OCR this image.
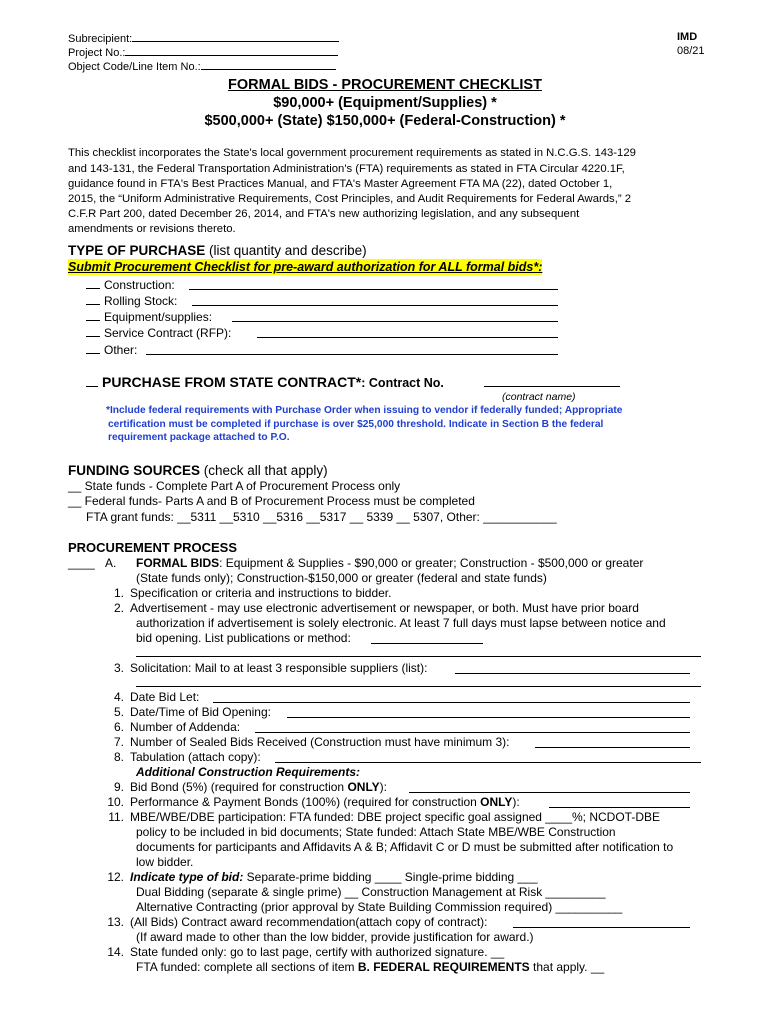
Subrecipient:
Project No.:
Object Code/Line Item No.:
IMD
08/21
FORMAL BIDS - PROCUREMENT CHECKLIST
$90,000+ (Equipment/Supplies) *
$500,000+ (State) $150,000+ (Federal-Construction) *
This checklist incorporates the State's local government procurement requirements as stated in N.C.G.S. 143-129
and 143-131, the Federal Transportation Administration's (FTA) requirements as stated in FTA Circular 4220.1F,
guidance found in FTA's Best Practices Manual, and FTA's Master Agreement FTA MA (22), dated October 1,
2015, the “Uniform Administrative Requirements, Cost Principles, and Audit Requirements for Federal Awards,” 2
C.F.R Part 200, dated December 26, 2014, and FTA's new authorizing legislation, and any subsequent
amendments or revisions thereto.
TYPE OF PURCHASE (list quantity and describe)
Submit Procurement Checklist for pre-award authorization for ALL formal bids*:
Construction:
Rolling Stock:
Equipment/supplies:
Service Contract (RFP):
Other:
PURCHASE FROM STATE CONTRACT*: Contract No.
(contract name)
*Include federal requirements with Purchase Order when issuing to vendor if federally funded; Appropriate
certification must be completed if purchase is over $25,000 threshold. Indicate in Section B the federal
requirement package attached to P.O.
FUNDING SOURCES (check all that apply)
__ State funds - Complete Part A of Procurement Process only
__ Federal funds- Parts A and B of Procurement Process must be completed
FTA grant funds: __5311 __5310 __5316 __5317 __ 5339 __ 5307, Other: ___________
PROCUREMENT PROCESS
____ A. FORMAL BIDS: Equipment & Supplies - $90,000 or greater; Construction - $500,000 or greater
(State funds only); Construction-$150,000 or greater (federal and state funds)
1. Specification or criteria and instructions to bidder.
2. Advertisement - may use electronic advertisement or newspaper, or both. Must have prior board
authorization if advertisement is solely electronic. At least 7 full days must lapse between notice and
bid opening. List publications or method:
3. Solicitation: Mail to at least 3 responsible suppliers (list):
4. Date Bid Let:
5. Date/Time of Bid Opening:
6. Number of Addenda:
7. Number of Sealed Bids Received (Construction must have minimum 3):
8. Tabulation (attach copy):
Additional Construction Requirements:
9. Bid Bond (5%) (required for construction ONLY):
10. Performance & Payment Bonds (100%) (required for construction ONLY):
11. MBE/WBE/DBE participation: FTA funded: DBE project specific goal assigned ____%; NCDOT-DBE
policy to be included in bid documents; State funded: Attach State MBE/WBE Construction
documents for participants and Affidavits A & B; Affidavit C or D must be submitted after notification to
low bidder.
12. Indicate type of bid: Separate-prime bidding ____ Single-prime bidding ___
Dual Bidding (separate & single prime) __ Construction Management at Risk _________
Alternative Contracting (prior approval by State Building Commission required) __________
13. (All Bids) Contract award recommendation(attach copy of contract):
(If award made to other than the low bidder, provide justification for award.)
14. State funded only: go to last page, certify with authorized signature. __
FTA funded: complete all sections of item B. FEDERAL REQUIREMENTS that apply. __
